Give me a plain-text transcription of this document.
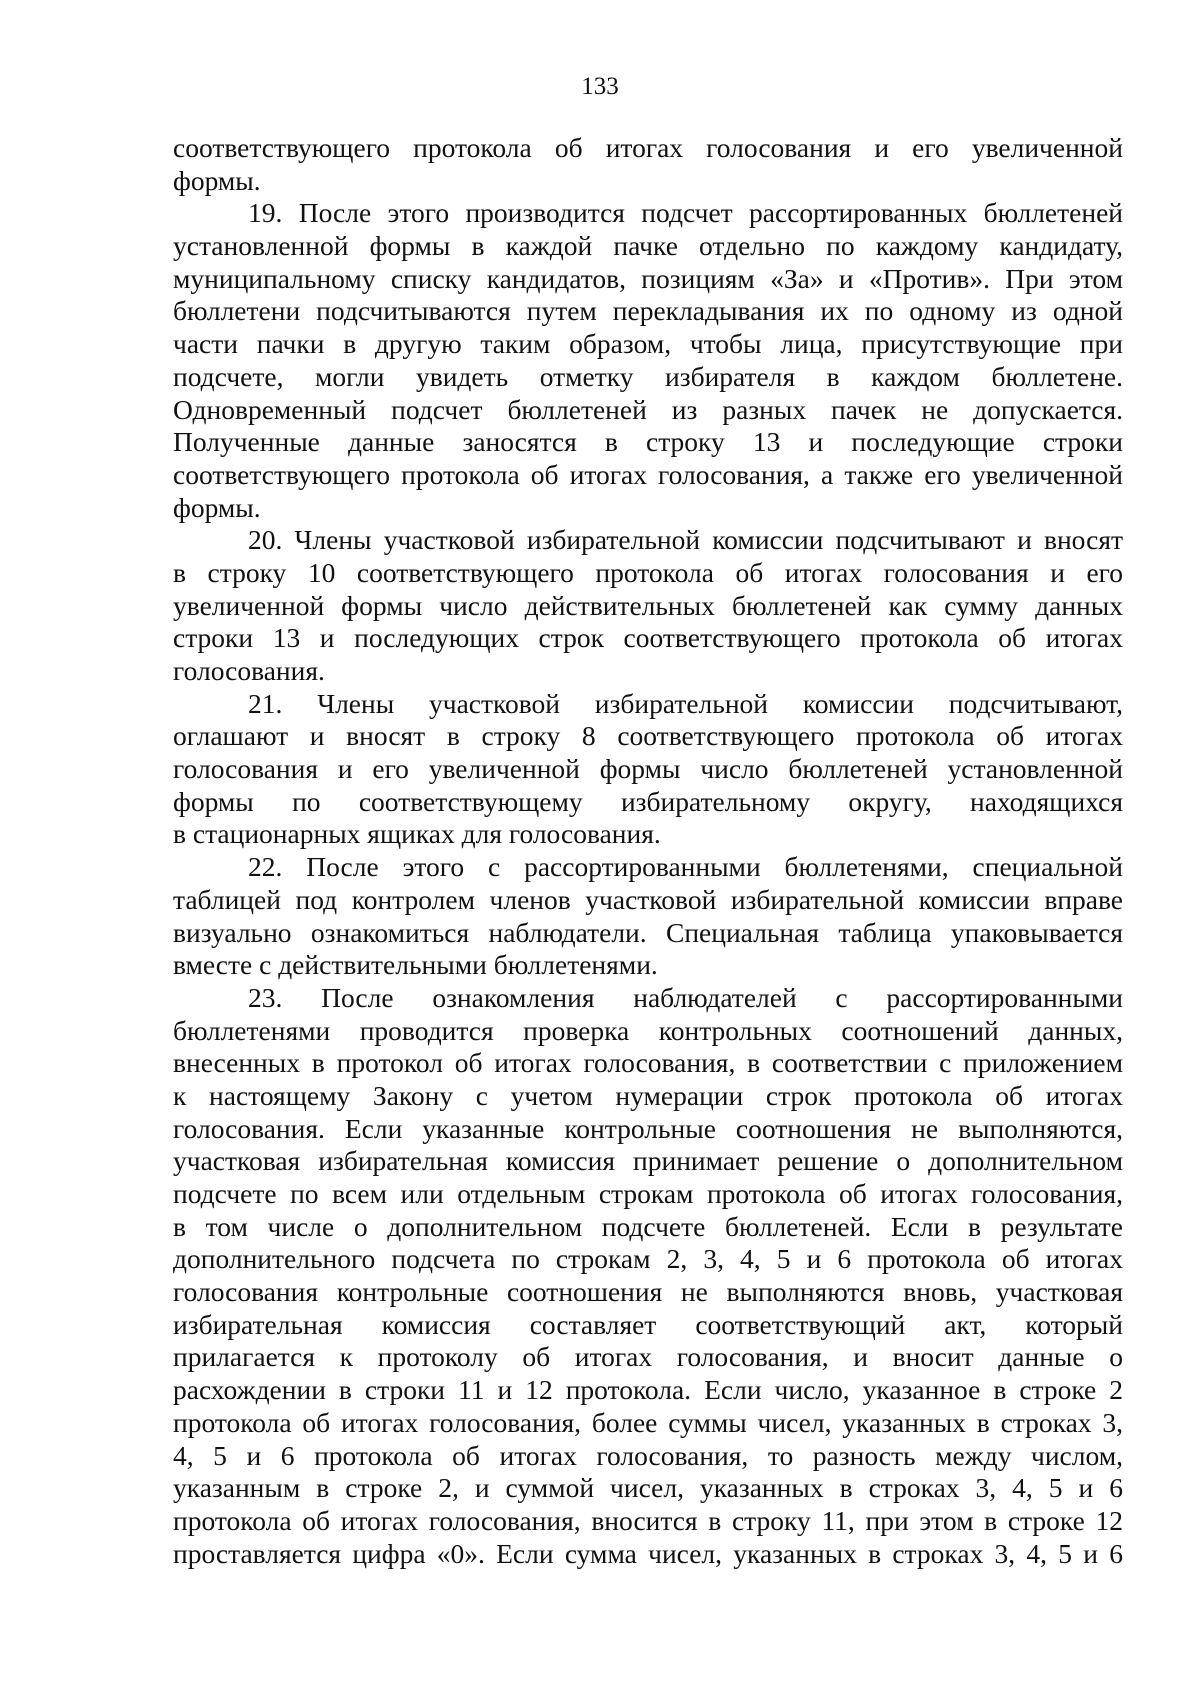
133
соответствующего протокола об итогах голосования и его увеличенной
формы.
19. После этого производится подсчет рассортированных бюллетеней
установленной формы в каждой пачке отдельно по каждому кандидату,
муниципальному списку кандидатов, позициям «За» и «Против». При этом
бюллетени подсчитываются путем перекладывания их по одному из одной
части пачки в другую таким образом, чтобы лица, присутствующие при
подсчете, могли увидеть отметку избирателя в каждом бюллетене.
Одновременный подсчет бюллетеней из разных пачек не допускается.
Полученные данные заносятся в строку 13 и последующие строки
соответствующего протокола об итогах голосования, а также его увеличенной
формы.
20. Члены участковой избирательной комиссии подсчитывают и вносят
в строку 10 соответствующего протокола об итогах голосования и его
увеличенной формы число действительных бюллетеней как сумму данных
строки 13 и последующих строк соответствующего протокола об итогах
голосования.
21. Члены участковой избирательной комиссии подсчитывают,
оглашают и вносят в строку 8 соответствующего протокола об итогах
голосования и его увеличенной формы число бюллетеней установленной
формы по соответствующему избирательному округу, находящихся
в стационарных ящиках для голосования.
22. После этого с рассортированными бюллетенями, специальной
таблицей под контролем членов участковой избирательной комиссии вправе
визуально ознакомиться наблюдатели. Специальная таблица упаковывается
вместе с действительными бюллетенями.
23. После ознакомления наблюдателей с рассортированными
бюллетенями проводится проверка контрольных соотношений данных,
внесенных в протокол об итогах голосования, в соответствии с приложением
к настоящему Закону с учетом нумерации строк протокола об итогах
голосования. Если указанные контрольные соотношения не выполняются,
участковая избирательная комиссия принимает решение о дополнительном
подсчете по всем или отдельным строкам протокола об итогах голосования,
в том числе о дополнительном подсчете бюллетеней. Если в результате
дополнительного подсчета по строкам 2, 3, 4, 5 и 6 протокола об итогах
голосования контрольные соотношения не выполняются вновь, участковая
избирательная комиссия составляет соответствующий акт, который
прилагается к протоколу об итогах голосования, и вносит данные о
расхождении в строки 11 и 12 протокола. Если число, указанное в строке 2
протокола об итогах голосования, более суммы чисел, указанных в строках 3,
4, 5 и 6 протокола об итогах голосования, то разность между числом,
указанным в строке 2, и суммой чисел, указанных в строках 3, 4, 5 и 6
протокола об итогах голосования, вносится в строку 11, при этом в строке 12
проставляется цифра «0». Если сумма чисел, указанных в строках 3, 4, 5 и 6
